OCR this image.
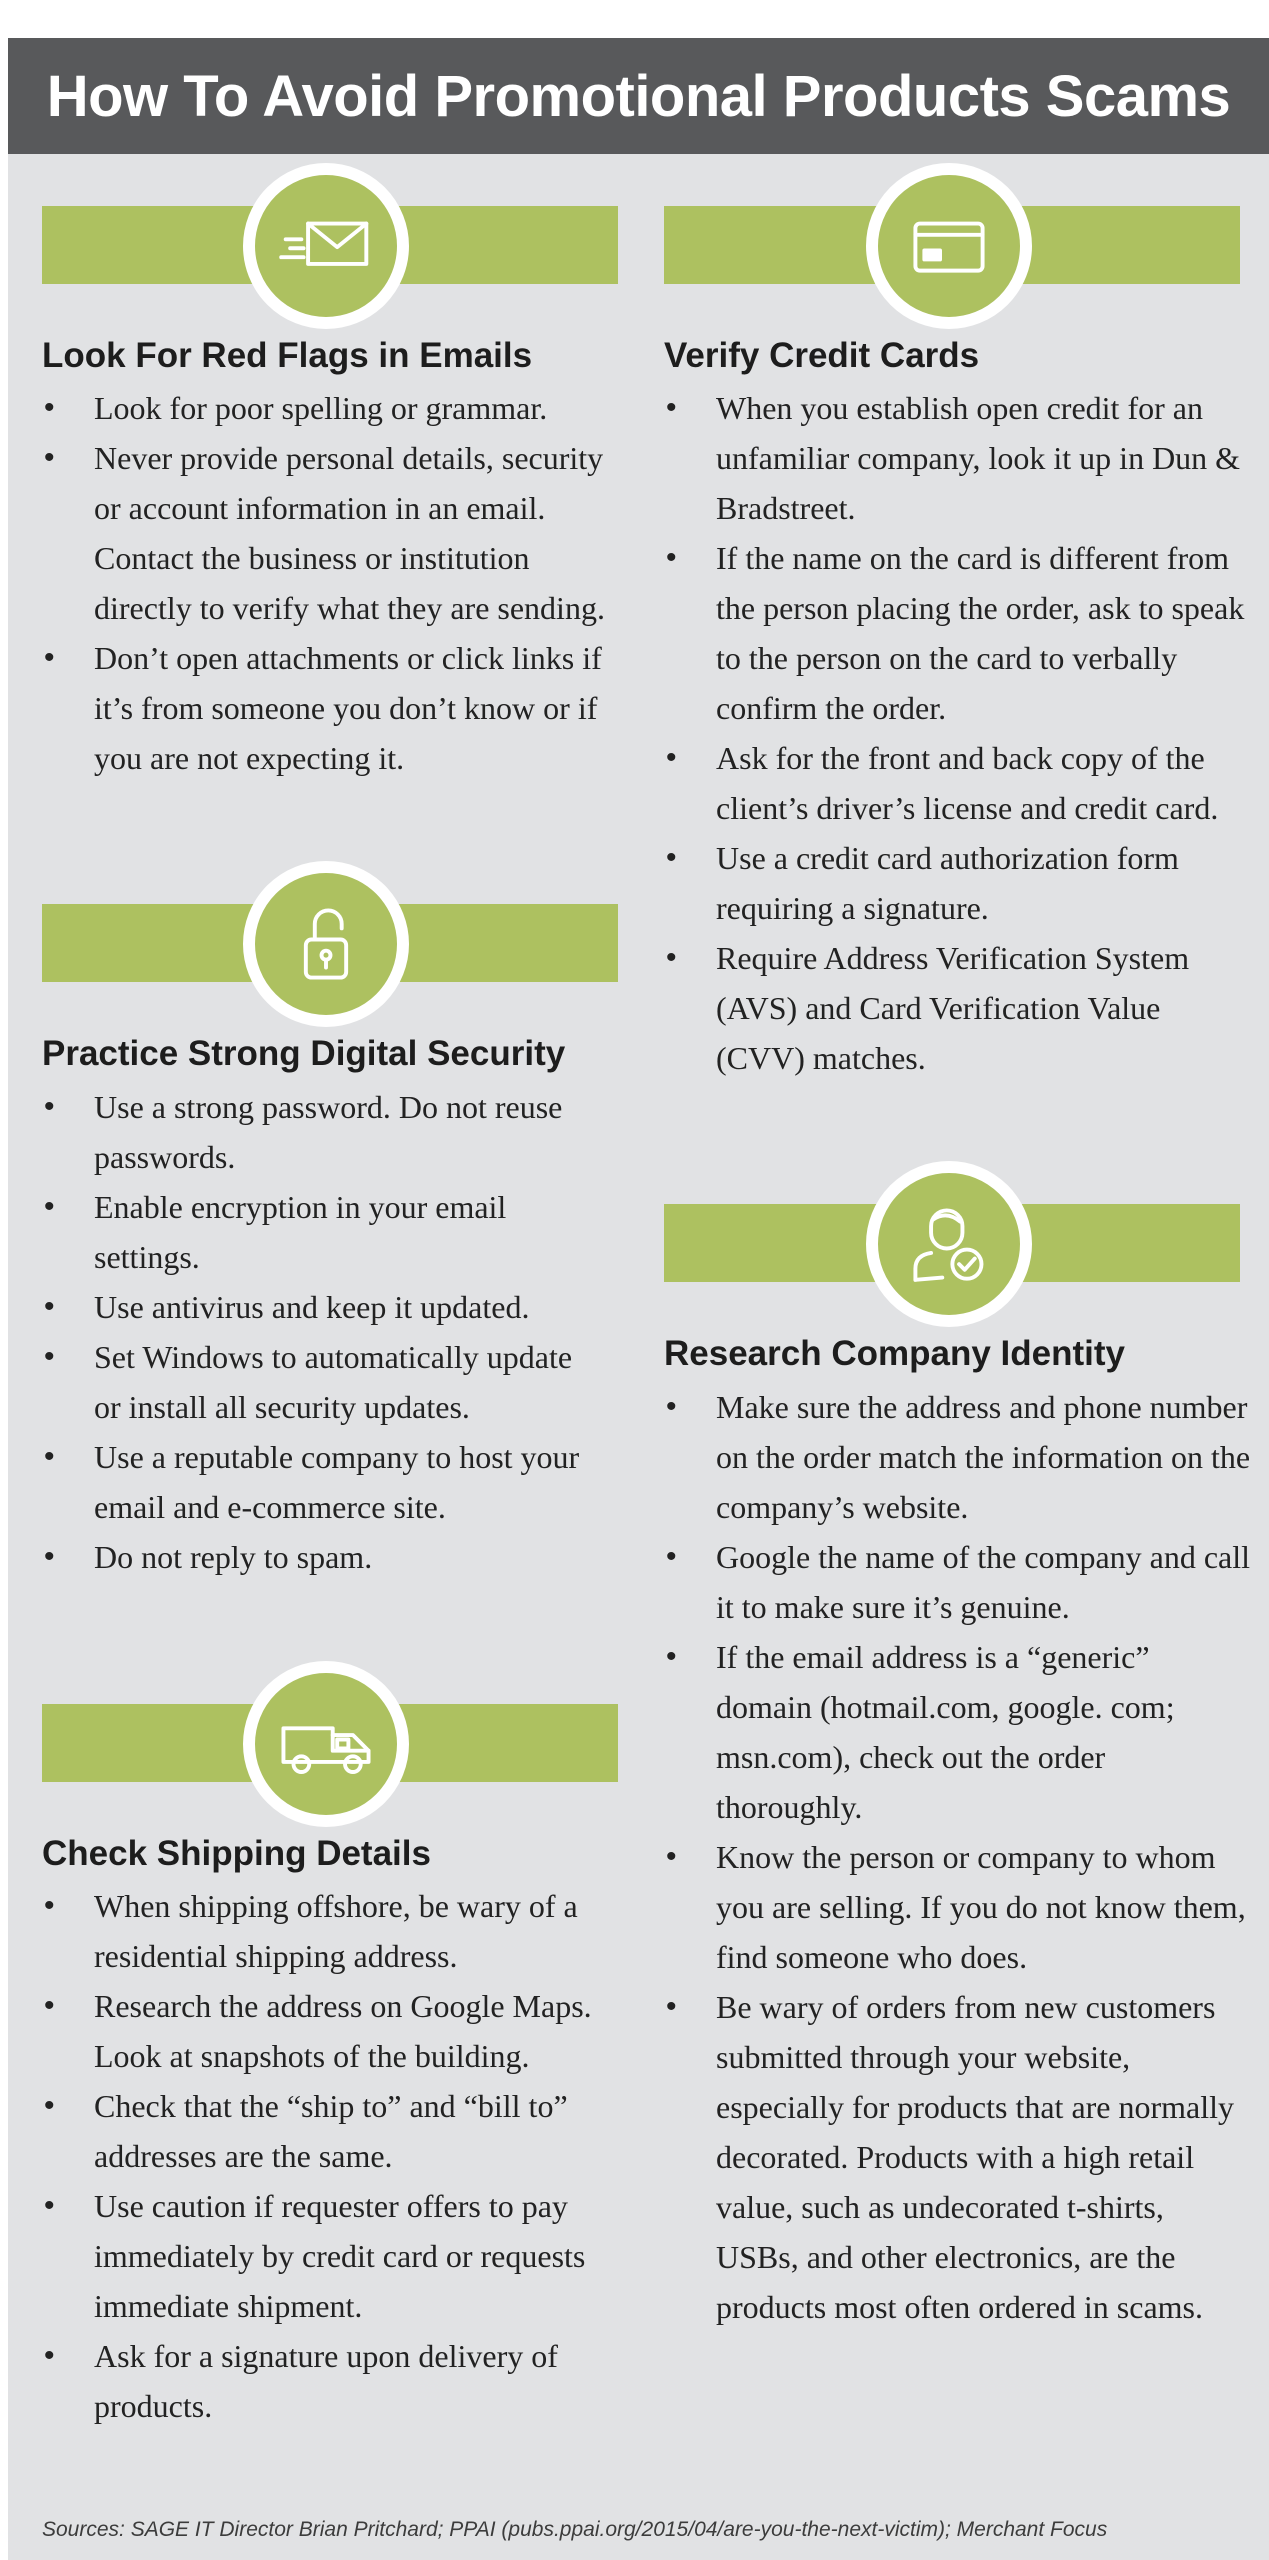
How To Avoid Promotional Products Scams
Look For Red Flags in Emails
• Look for poor spelling or grammar.
• Never provide personal details, security or account information in an email. Contact the business or institution directly to verify what they are sending.
• Don’t open attachments or click links if it’s from someone you don’t know or if you are not expecting it.
Practice Strong Digital Security
• Use a strong password. Do not reuse passwords.
• Enable encryption in your email settings.
• Use antivirus and keep it updated.
• Set Windows to automatically update or install all security updates.
• Use a reputable company to host your email and e-commerce site.
• Do not reply to spam.
Check Shipping Details
• When shipping offshore, be wary of a residential shipping address.
• Research the address on Google Maps. Look at snapshots of the building.
• Check that the “ship to” and “bill to” addresses are the same.
• Use caution if requester offers to pay immediately by credit card or requests immediate shipment.
• Ask for a signature upon delivery of products.
Verify Credit Cards
• When you establish open credit for an unfamiliar company, look it up in Dun & Bradstreet.
• If the name on the card is different from the person placing the order, ask to speak to the person on the card to verbally confirm the order.
• Ask for the front and back copy of the client’s driver’s license and credit card.
• Use a credit card authorization form requiring a signature.
• Require Address Verification System (AVS) and Card Verification Value (CVV) matches.
Research Company Identity
• Make sure the address and phone number on the order match the information on the company’s website.
• Google the name of the company and call it to make sure it’s genuine.
• If the email address is a “generic” domain (hotmail.com, google. com; msn.com), check out the order thoroughly.
• Know the person or company to whom you are selling. If you do not know them, find someone who does.
• Be wary of orders from new customers submitted through your website, especially for products that are normally decorated. Products with a high retail value, such as undecorated t-shirts, USBs, and other electronics, are the products most often ordered in scams.

Sources: SAGE IT Director Brian Pritchard; PPAI (pubs.ppai.org/2015/04/are-you-the-next-victim); Merchant Focus
